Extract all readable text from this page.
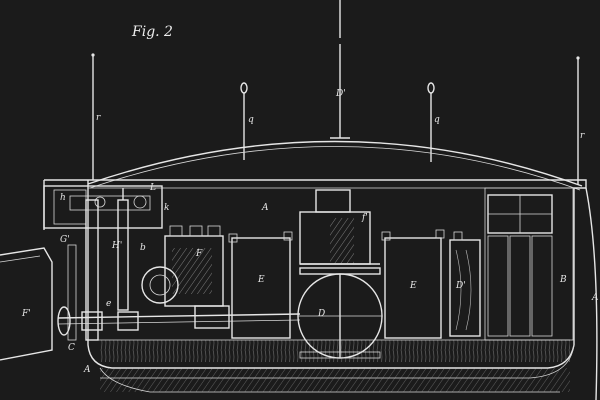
Fig. 2
D'
r
r
q	q
A
A
A
B
C
D
D'
E
E
F
F'
G'
H' b
f'
L
k
h
e
